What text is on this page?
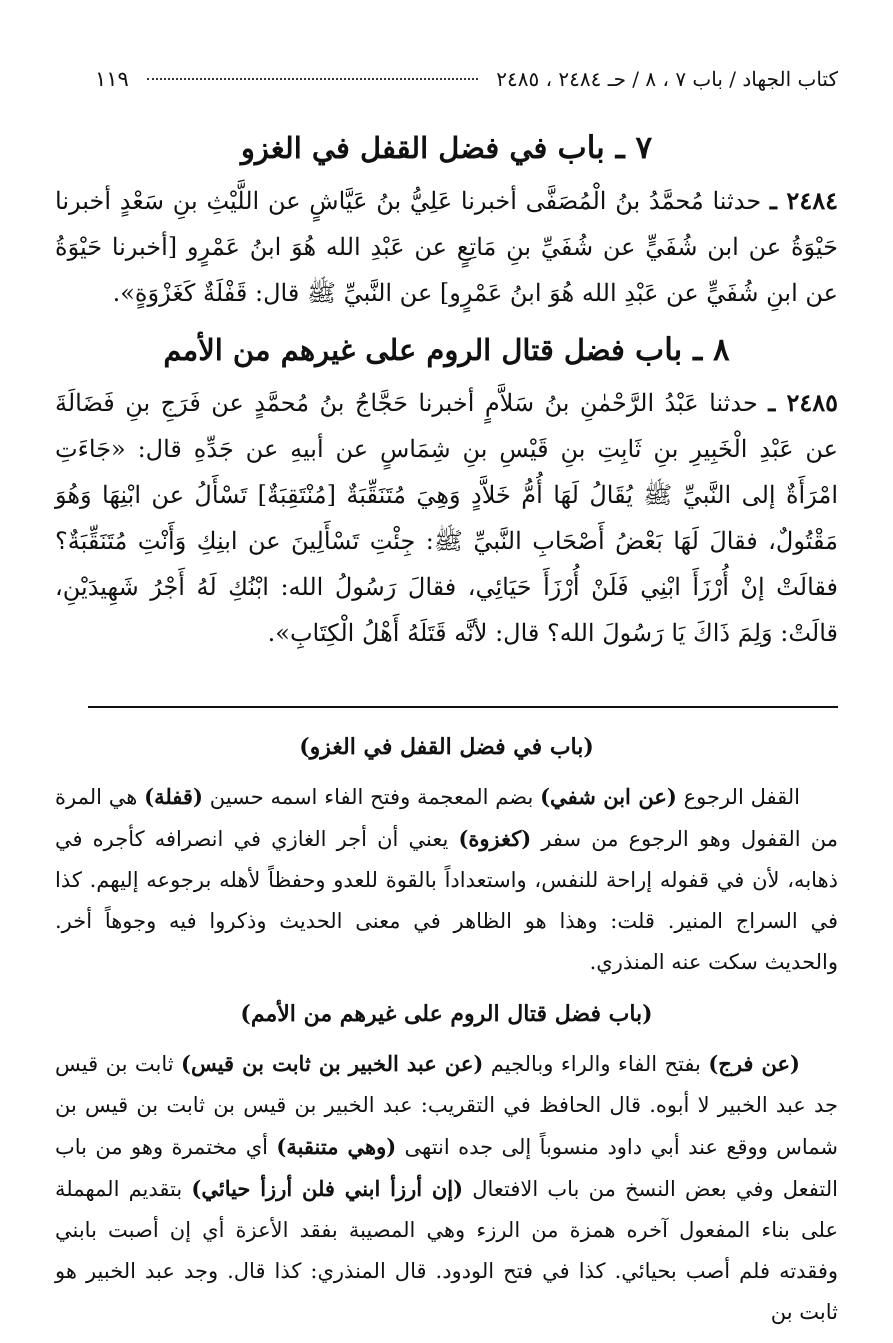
كتاب الجهاد / باب ٧ ، ٨ / حـ ٢٤٨٤ ، ٢٤٨٥
١١٩
٧ ـ باب في فضل القفل في الغزو

٢٤٨٤ ـ حدثنا مُحمَّدُ بنُ الْمُصَفَّى أخبرنا عَلِيُّ بنُ عَيَّاشٍ عن اللَّيْثِ بنِ سَعْدٍ أخبرنا حَيْوَةُ عن ابن شُفَيٍّ عن شُفَيِّ بنِ مَاتِعٍ عن عَبْدِ الله هُوَ ابنُ عَمْرٍو [أخبرنا حَيْوَةُ عن ابنِ شُفَيٍّ عن عَبْدِ الله هُوَ ابنُ عَمْرٍو] عن النَّبيِّ ﷺ قال: قَفْلَةٌ كَغَزْوَةٍ».

٨ ـ باب فضل قتال الروم على غيرهم من الأمم

٢٤٨٥ ـ حدثنا عَبْدُ الرَّحْمٰنِ بنُ سَلاَّمٍ أخبرنا حَجَّاجُ بنُ مُحمَّدٍ عن فَرَجِ بنِ فَضَالَةَ عن عَبْدِ الْخَبِيرِ بنِ ثَابِتِ بنِ قَيْسِ بنِ شِمَاسٍ عن أبيهِ عن جَدِّهِ قال: «جَاءَتِ امْرَأَةٌ إلى النَّبيِّ ﷺ يُقَالُ لَهَا أُمُّ خَلاَّدٍ وَهِيَ مُتَنَقِّبَةٌ [مُنْتَقِبَةٌ] تَسْأَلُ عن ابْنِهَا وَهُوَ مَقْتُولٌ، فقالَ لَهَا بَعْضُ أَصْحَابِ النَّبيِّ ﷺ: جِئْتِ تَسْأَلِينَ عن ابنِكِ وَأَنْتِ مُتَنَقِّبَةٌ؟ فقالَتْ إنْ أُرْزَأَ ابْنِي فَلَنْ أُرْزَأَ حَيَائِي، فقالَ رَسُولُ الله: ابْنُكِ لَهُ أَجْرُ شَهِيدَيْنِ، قالَتْ: وَلِمَ ذَاكَ يَا رَسُولَ الله؟ قال: لأنَّه قَتَلَهُ أَهْلُ الْكِتَابِ».

(باب في فضل القفل في الغزو)

القفل الرجوع (عن ابن شفي) بضم المعجمة وفتح الفاء اسمه حسين (قفلة) هي المرة من القفول وهو الرجوع من سفر (كغزوة) يعني أن أجر الغازي في انصرافه كأجره في ذهابه، لأن في قفوله إراحة للنفس، واستعداداً بالقوة للعدو وحفظاً لأهله برجوعه إليهم. كذا في السراج المنير. قلت: وهذا هو الظاهر في معنى الحديث وذكروا فيه وجوهاً أخر. والحديث سكت عنه المنذري.

(باب فضل قتال الروم على غيرهم من الأمم)

(عن فرج) بفتح الفاء والراء وبالجيم (عن عبد الخبير بن ثابت بن قيس) ثابت بن قيس جد عبد الخبير لا أبوه. قال الحافظ في التقريب: عبد الخبير بن قيس بن ثابت بن قيس بن شماس ووقع عند أبي داود منسوباً إلى جده انتهى (وهي متنقبة) أي مختمرة وهو من باب التفعل وفي بعض النسخ من باب الافتعال (إن أرزأ ابني فلن أرزأ حيائي) بتقديم المهملة على بناء المفعول آخره همزة من الرزء وهي المصيبة بفقد الأعزة أي إن أصبت بابني وفقدته فلم أصب بحيائي. كذا في فتح الودود. قال المنذري: كذا قال. وجد عبد الخبير هو ثابت بن
